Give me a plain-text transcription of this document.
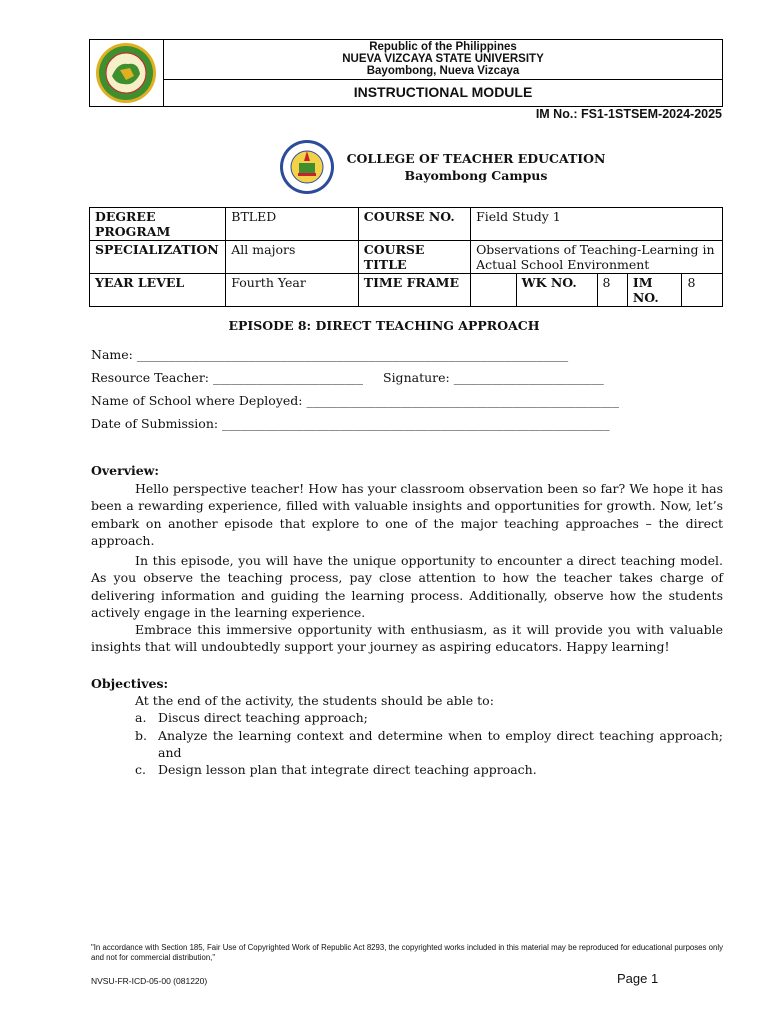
Republic of the Philippines
NUEVA VIZCAYA STATE UNIVERSITY
Bayombong, Nueva Vizcaya
INSTRUCTIONAL MODULE
IM No.: FS1-1STSEM-2024-2025
COLLEGE OF TEACHER EDUCATION
Bayombong Campus
DEGREE PROGRAM	BTLED	COURSE NO.	Field Study 1				
SPECIALIZATION	All majors	COURSE TITLE	Observations of Teaching-Learning in Actual School Environment				
YEAR LEVEL	Fourth Year	TIME FRAME		WK NO.	8	IM NO.	8
EPISODE 8: DIRECT TEACHING APPROACH
Name: _____________________________________________________________________
Resource Teacher: ________________________ Signature: ________________________
Name of School where Deployed: __________________________________________________
Date of Submission: ______________________________________________________________
Overview:

Hello perspective teacher! How has your classroom observation been so far? We hope it has been a rewarding experience, filled with valuable insights and opportunities for growth. Now, let’s embark on another episode that explore to one of the major teaching approaches – the direct approach.

In this episode, you will have the unique opportunity to encounter a direct teaching model. As you observe the teaching process, pay close attention to how the teacher takes charge of delivering information and guiding the learning process. Additionally, observe how the students actively engage in the learning experience.

Embrace this immersive opportunity with enthusiasm, as it will provide you with valuable insights that will undoubtedly support your journey as aspiring educators. Happy learning!

Objectives:
At the end of the activity, the students should be able to:
a. Discus direct teaching approach;
b. Analyze the learning context and determine when to employ direct teaching approach; and
c. Design lesson plan that integrate direct teaching approach.
"In accordance with Section 185, Fair Use of Copyrighted Work of Republic Act 8293, the copyrighted works included in this material may be reproduced for educational purposes only and not for commercial distribution,"
NVSU-FR-ICD-05-00 (081220)	Page 1
